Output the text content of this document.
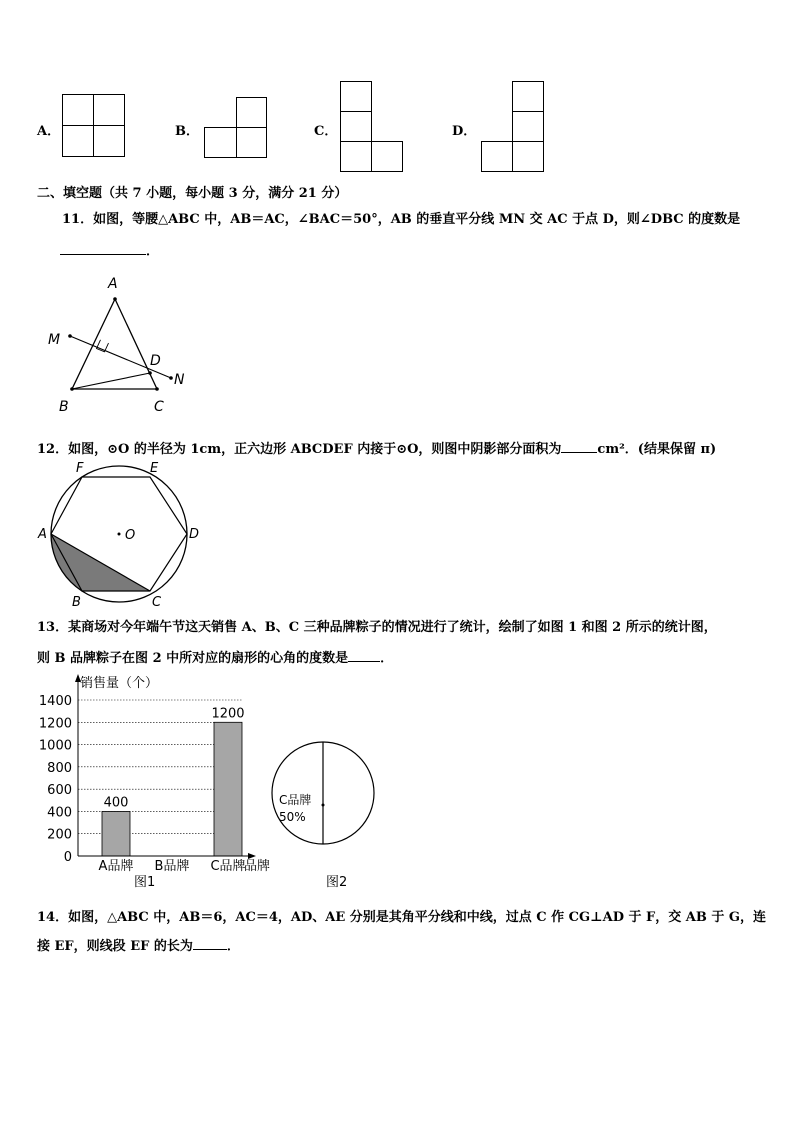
A．	B．	C．	D．
二、填空题（共 7 小题，每小题 3 分，满分 21 分）
11．如图，等腰△ABC 中，AB＝AC，∠BAC＝50°，AB 的垂直平分线 MN 交 AC 于点 D，则∠DBC 的度数是
．
A
M
D
N
B	C
12．如图，⊙O 的半径为 1cm，正六边形 ABCDEF 内接于⊙O，则图中阴影部分面积为	cm²．(结果保留 π)
F	E
A	O	D
B	C
13．某商场对今年端午节这天销售 A、B、C 三种品牌粽子的情况进行了统计，绘制了如图 1 和图 2 所示的统计图，
则 B 品牌粽子在图 2 中所对应的扇形的心角的度数是 ．
0
200
400
600
800
1000
1200
1400
400
A品牌 B品牌
1200
C品牌
销售量（个）
品牌
图1
C品牌
50%
图2
14．如图，△ABC 中，AB＝6，AC＝4，AD、AE 分别是其角平分线和中线，过点 C 作 CG⊥AD 于 F，交 AB 于 G，连
接 EF，则线段 EF 的长为	．
